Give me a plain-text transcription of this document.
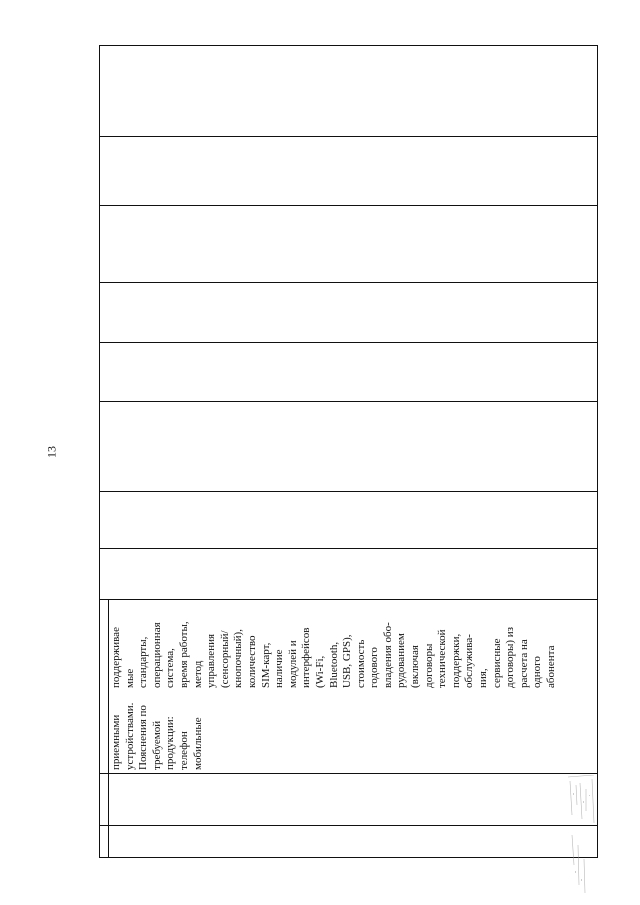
13
приемными устройствами. Пояснения по требуемой продукции: телефон мобильные
поддерживае мые стандарты, операционная система, время работы, метод управления (сенсорный/ кнопочный), количество SIM-карт, наличие модулей и интерфейсов (Wi-Fi, Bluetooth, USB, GPS), стоимость годового владения обо- рудованием (включая договоры технической поддержки, обслужива- ния, сервисные договоры) из расчета на одного абонента
